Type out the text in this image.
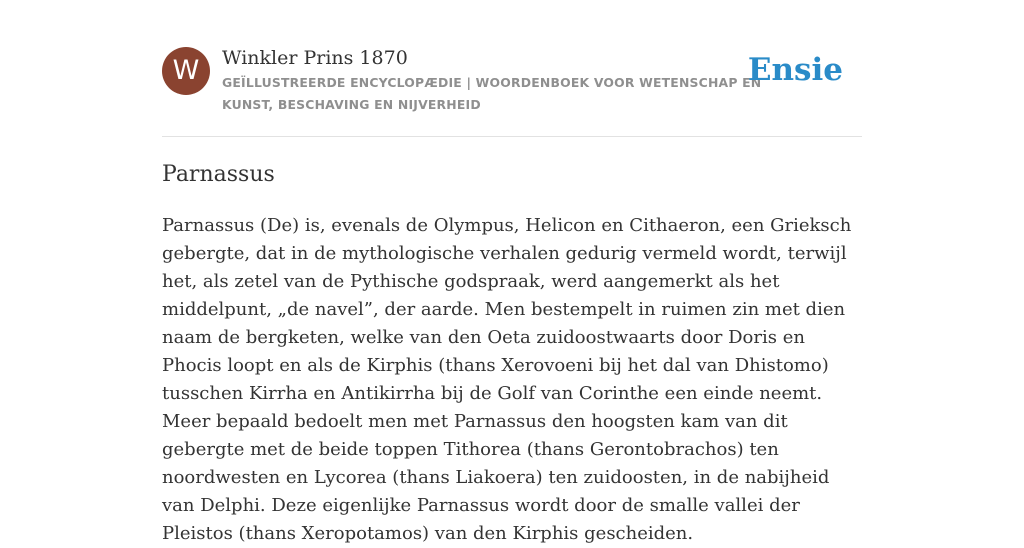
W	Winkler Prins 1870
GEÏLLUSTREERDE ENCYCLOPÆDIE | WOORDENBOEK VOOR WETENSCHAP EN KUNST, BESCHAVING EN NIJVERHEID
Ensie
Parnassus

Parnassus (De) is, evenals de Olympus, Helicon en Cithaeron, een Grieksch gebergte, dat in de mythologische verhalen gedurig vermeld wordt, terwijl het, als zetel van de Pythische godspraak, werd aangemerkt als het middelpunt, „de navel”, der aarde. Men bestempelt in ruimen zin met dien naam de bergketen, welke van den Oeta zuidoostwaarts door Doris en Phocis loopt en als de Kirphis (thans Xerovoeni bij het dal van Dhistomo) tusschen Kirrha en Antikirrha bij de Golf van Corinthe een einde neemt. Meer bepaald bedoelt men met Parnassus den hoogsten kam van dit gebergte met de beide toppen Tithorea (thans Gerontobrachos) ten noordwesten en Lycorea (thans Liakoera) ten zuidoosten, in de nabijheid van Delphi. Deze eigenlijke Parnassus wordt door de smalle vallei der Pleistos (thans Xeropotamos) van den Kirphis gescheiden.
